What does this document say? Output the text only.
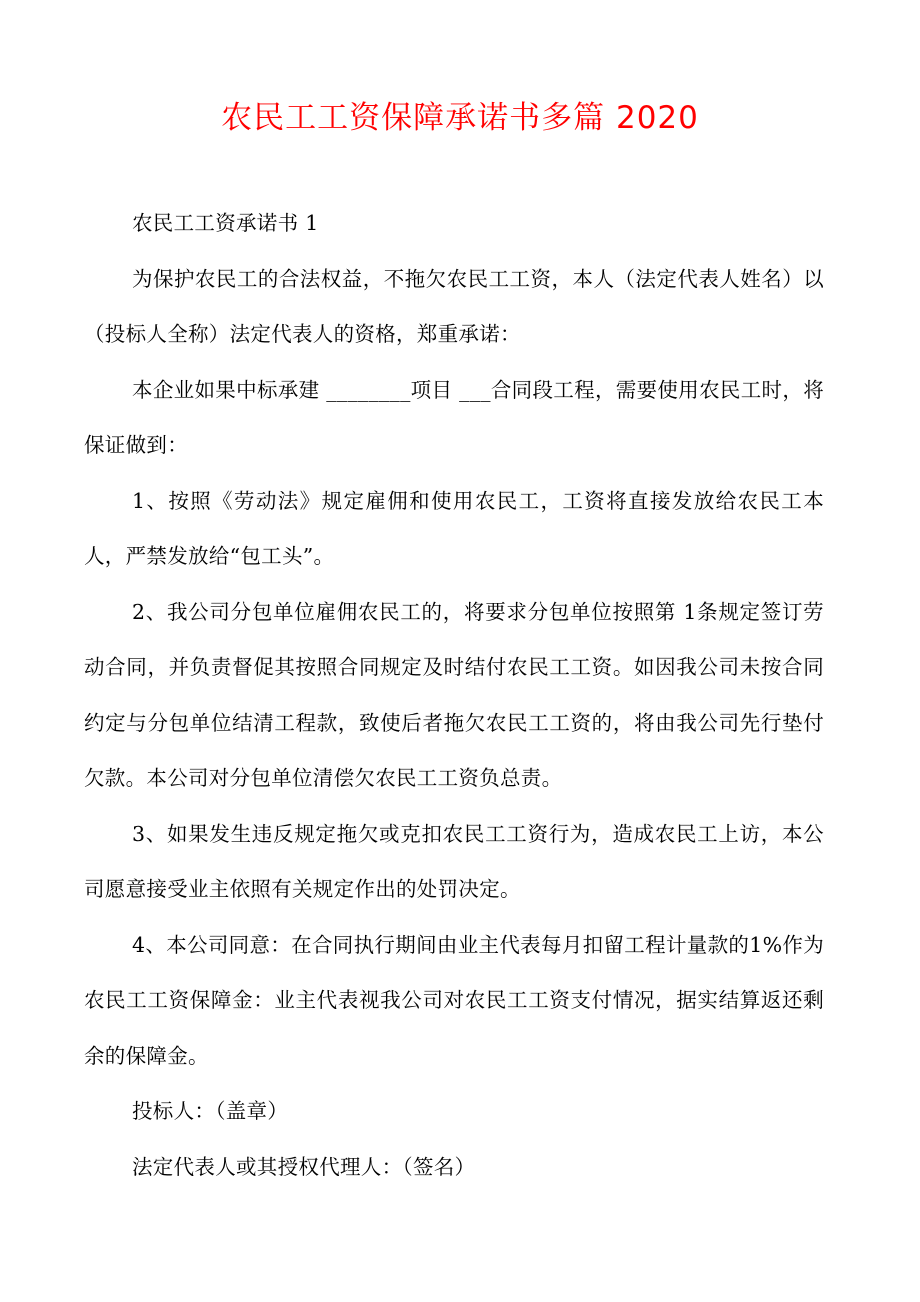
农民工工资保障承诺书多篇 2020

农民工工资承诺书 1

为保护农民工的合法权益，不拖欠农民工工资，本人（法定代表人姓名）以（投标人全称）法定代表人的资格，郑重承诺：

本企业如果中标承建 ________项目 ___合同段工程，需要使用农民工时，将保证做到：

1、按照《劳动法》规定雇佣和使用农民工，工资将直接发放给农民工本人，严禁发放给“包工头”。

2、我公司分包单位雇佣农民工的，将要求分包单位按照第 1条规定签订劳动合同，并负责督促其按照合同规定及时结付农民工工资。如因我公司未按合同约定与分包单位结清工程款，致使后者拖欠农民工工资的，将由我公司先行垫付欠款。本公司对分包单位清偿欠农民工工资负总责。

3、如果发生违反规定拖欠或克扣农民工工资行为，造成农民工上访，本公司愿意接受业主依照有关规定作出的处罚决定。

4、本公司同意：在合同执行期间由业主代表每月扣留工程计量款的1%作为农民工工资保障金：业主代表视我公司对农民工工资支付情况，据实结算返还剩余的保障金。

投标人：（盖章）

法定代表人或其授权代理人：（签名）
